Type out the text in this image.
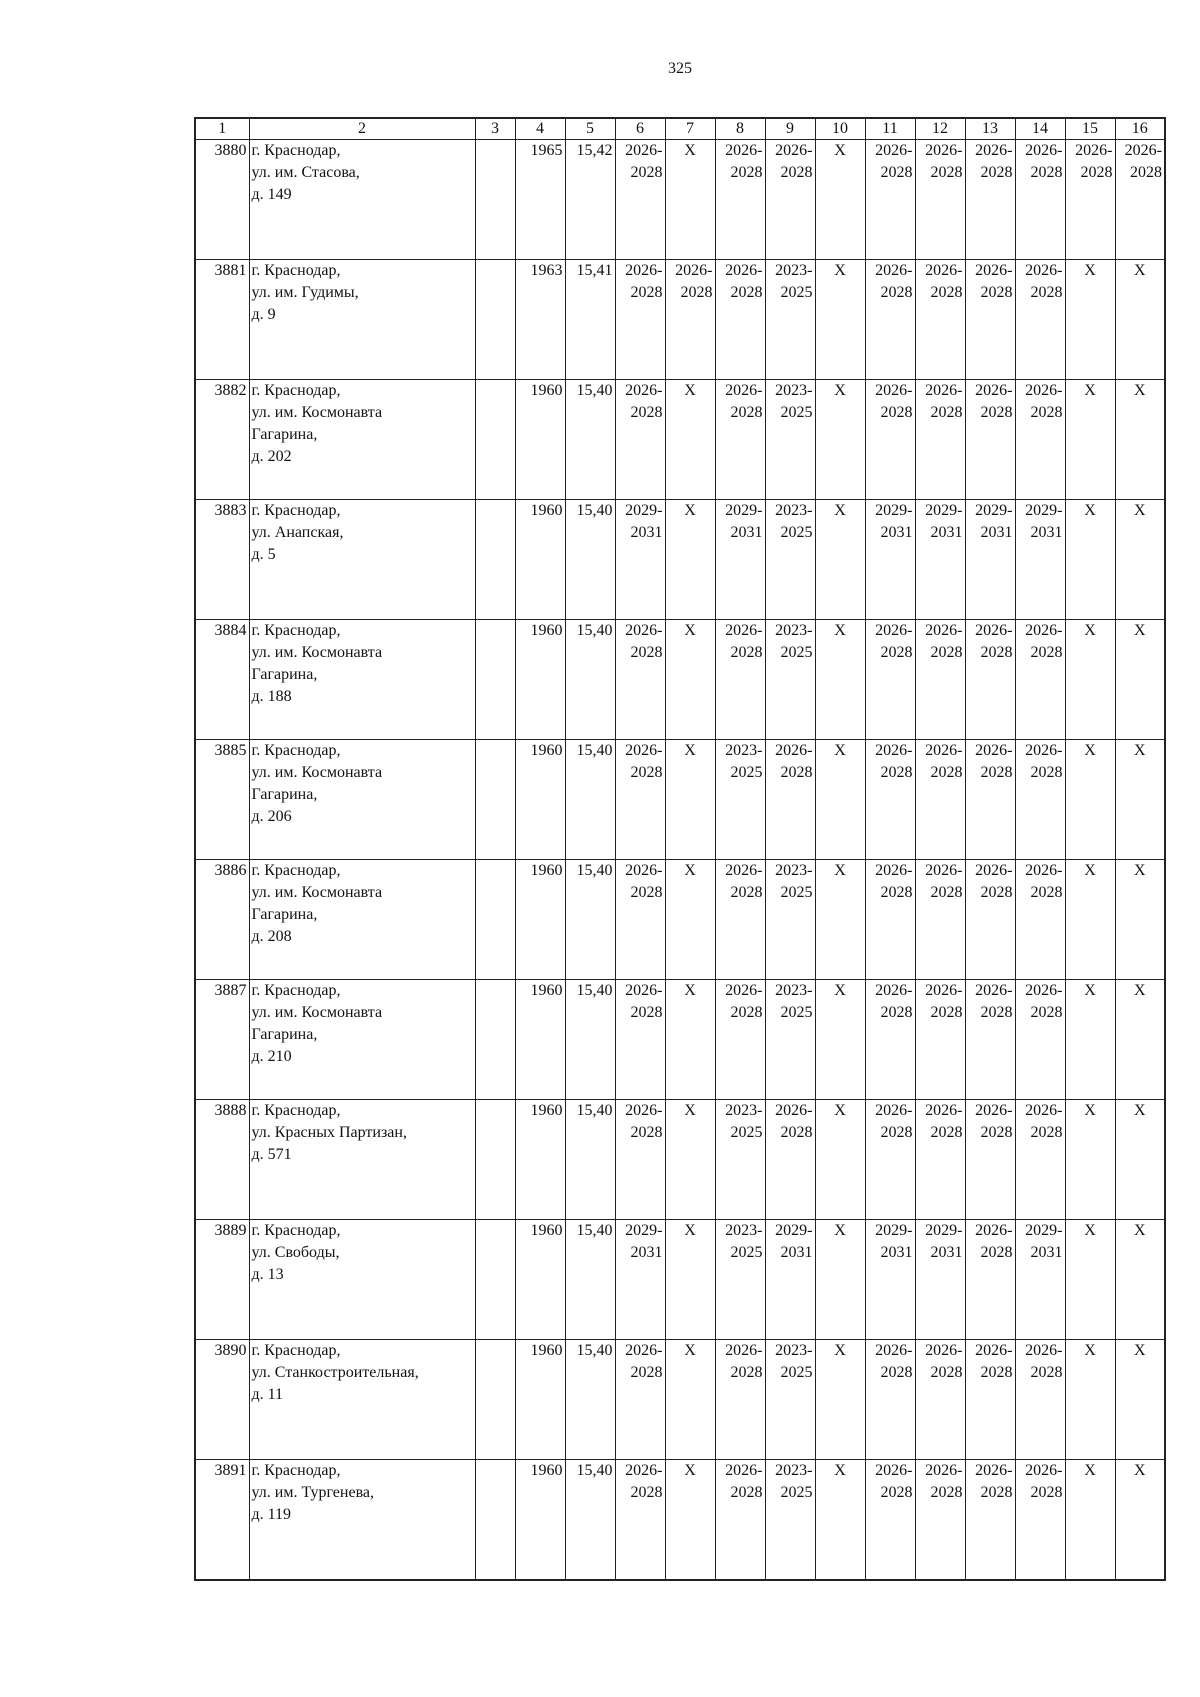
325
1	2	3	4	5	6	7	8	9	10	11	12	13	14	15	16
3880	г. Краснодар,
ул. им. Стасова,
д. 149		1965	15,42	2026-
2028	X	2026-
2028	2026-
2028	X	2026-
2028	2026-
2028	2026-
2028	2026-
2028	2026-
2028	2026-
2028

3881	г. Краснодар,
ул. им. Гудимы,
д. 9		1963	15,41	2026-
2028	2026-
2028	2026-
2028	2023-
2025	X	2026-
2028	2026-
2028	2026-
2028	2026-
2028	X	X
3882	г. Краснодар,
ул. им. Космонавта
Гагарина,
д. 202		1960	15,40	2026-
2028	X	2026-
2028	2023-
2025	X	2026-
2028	2026-
2028	2026-
2028	2026-
2028	X	X
3883	г. Краснодар,
ул. Анапская,
д. 5		1960	15,40	2029-
2031	X	2029-
2031	2023-
2025	X	2029-
2031	2029-
2031	2029-
2031	2029-
2031	X	X
3884	г. Краснодар,
ул. им. Космонавта
Гагарина,
д. 188		1960	15,40	2026-
2028	X	2026-
2028	2023-
2025	X	2026-
2028	2026-
2028	2026-
2028	2026-
2028	X	X
3885	г. Краснодар,
ул. им. Космонавта
Гагарина,
д. 206		1960	15,40	2026-
2028	X	2023-
2025	2026-
2028	X	2026-
2028	2026-
2028	2026-
2028	2026-
2028	X	X
3886	г. Краснодар,
ул. им. Космонавта
Гагарина,
д. 208		1960	15,40	2026-
2028	X	2026-
2028	2023-
2025	X	2026-
2028	2026-
2028	2026-
2028	2026-
2028	X	X
3887	г. Краснодар,
ул. им. Космонавта
Гагарина,
д. 210		1960	15,40	2026-
2028	X	2026-
2028	2023-
2025	X	2026-
2028	2026-
2028	2026-
2028	2026-
2028	X	X
3888	г. Краснодар,
ул. Красных Партизан,
д. 571		1960	15,40	2026-
2028	X	2023-
2025	2026-
2028	X	2026-
2028	2026-
2028	2026-
2028	2026-
2028	X	X
3889	г. Краснодар,
ул. Свободы,
д. 13		1960	15,40	2029-
2031	X	2023-
2025	2029-
2031	X	2029-
2031	2029-
2031	2026-
2028	2029-
2031	X	X
3890	г. Краснодар,
ул. Станкостроительная,
д. 11		1960	15,40	2026-
2028	X	2026-
2028	2023-
2025	X	2026-
2028	2026-
2028	2026-
2028	2026-
2028	X	X
3891	г. Краснодар,
ул. им. Тургенева,
д. 119		1960	15,40	2026-
2028	X	2026-
2028	2023-
2025	X	2026-
2028	2026-
2028	2026-
2028	2026-
2028	X	X
